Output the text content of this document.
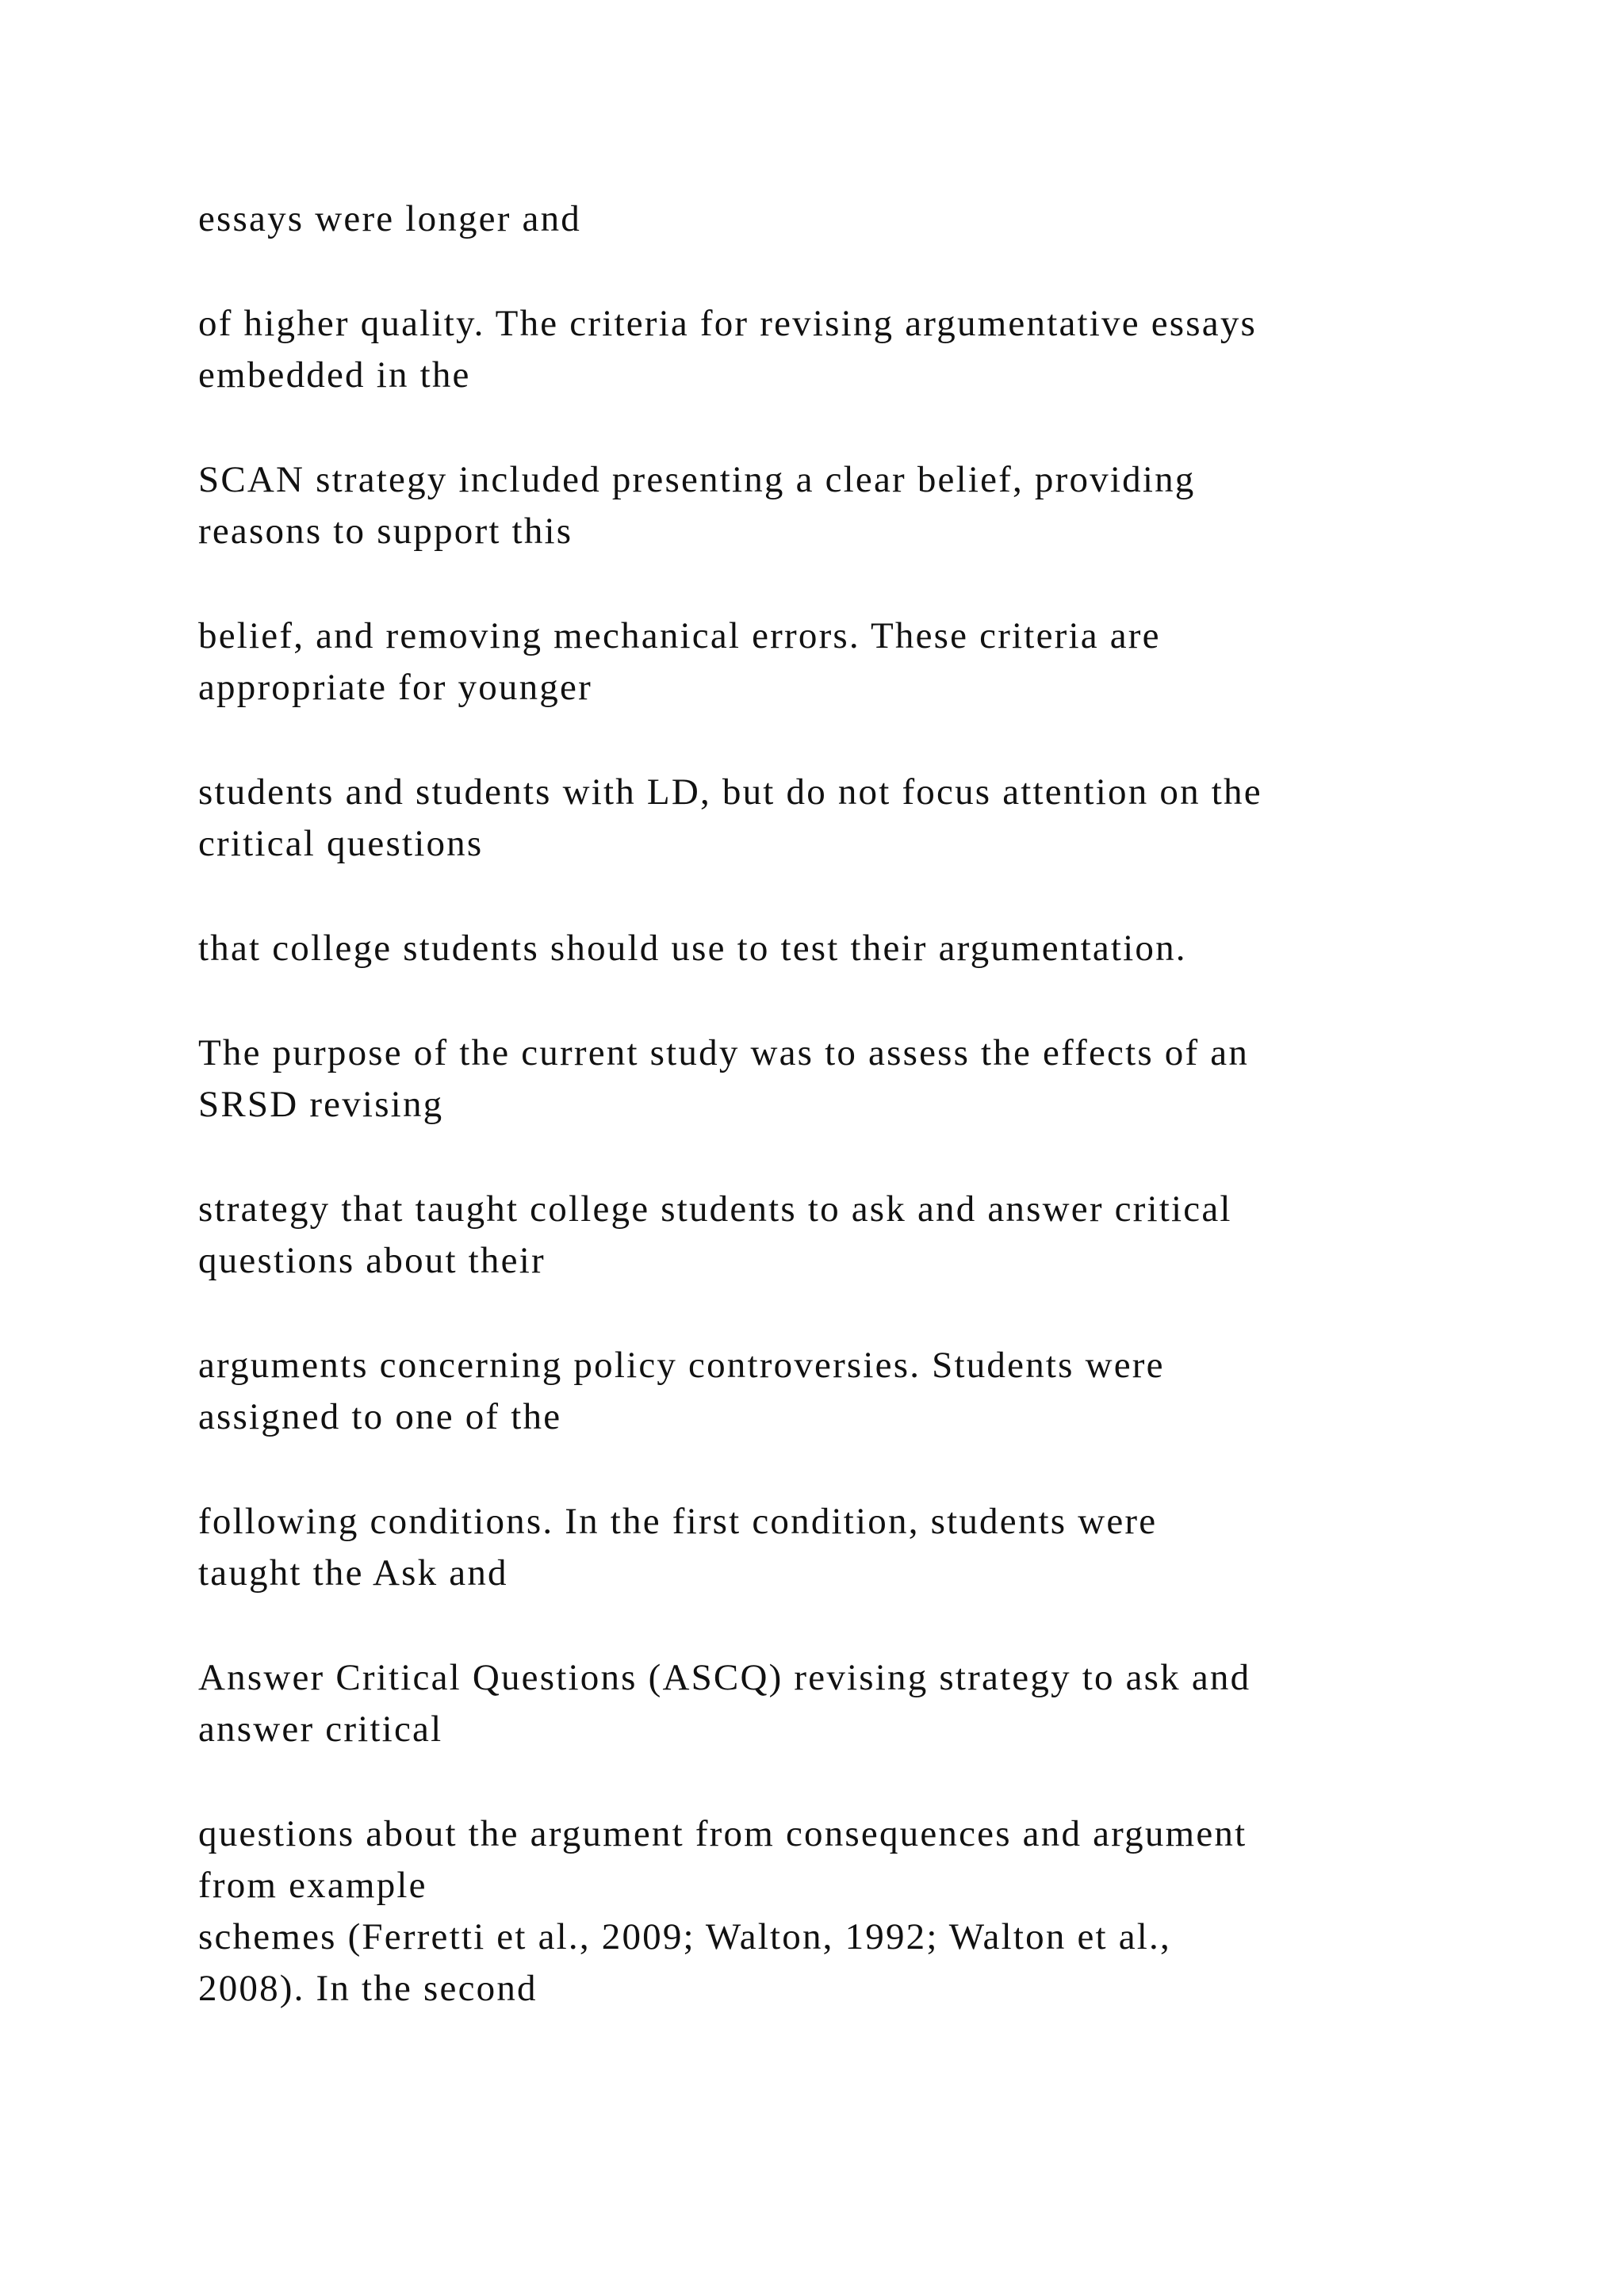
essays were longer and

of higher quality. The criteria for revising argumentative essays
embedded in the

SCAN strategy included presenting a clear belief, providing
reasons to support this

belief, and removing mechanical errors. These criteria are
appropriate for younger

students and students with LD, but do not focus attention on the
critical questions

that college students should use to test their argumentation.

The purpose of the current study was to assess the effects of an
SRSD revising

strategy that taught college students to ask and answer critical
questions about their

arguments concerning policy controversies. Students were
assigned to one of the

following conditions. In the first condition, students were
taught the Ask and

Answer Critical Questions (ASCQ) revising strategy to ask and
answer critical

questions about the argument from consequences and argument
from example
schemes (Ferretti et al., 2009; Walton, 1992; Walton et al.,
2008). In the second
